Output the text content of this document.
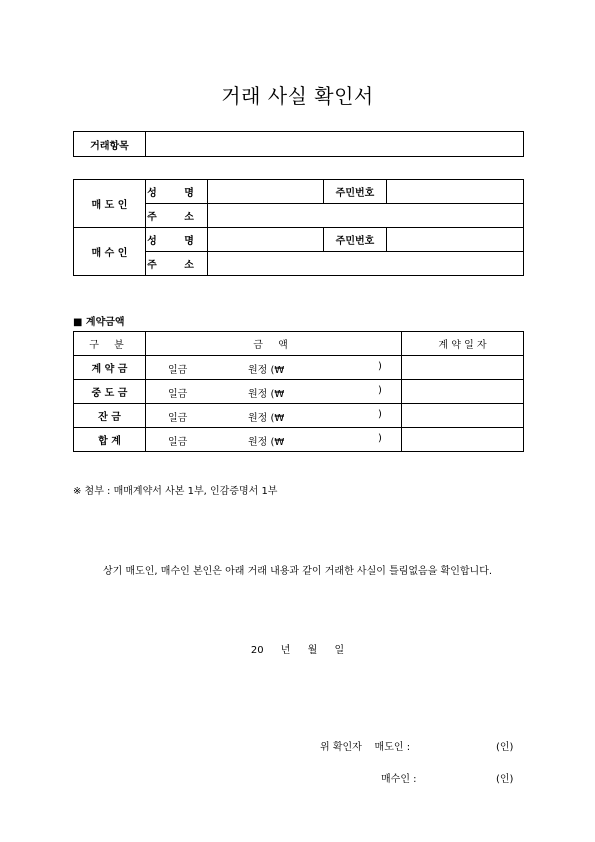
거래 사실 확인서
거래항목	
매 도 인	성 명		주민번호	
	주 소			
매 수 인	성 명		주민번호	
	주 소			
■ 계약금액
구 분	금 액	계 약 일 자
계 약 금	일금 원정 (₩ )	

중 도 금	일금 원정 (₩ )	

잔 금	일금 원정 (₩ )	

합 계	일금 원정 (₩ )	

※ 첨부 : 매매계약서 사본 1부, 인감증명서 1부
상기 매도인, 매수인 본인은 아래 거래 내용과 같이 거래한 사실이 틀림없음을 확인합니다.
20 년 월 일
위 확인자 매도인 :	(인)
매수인 :	(인)
